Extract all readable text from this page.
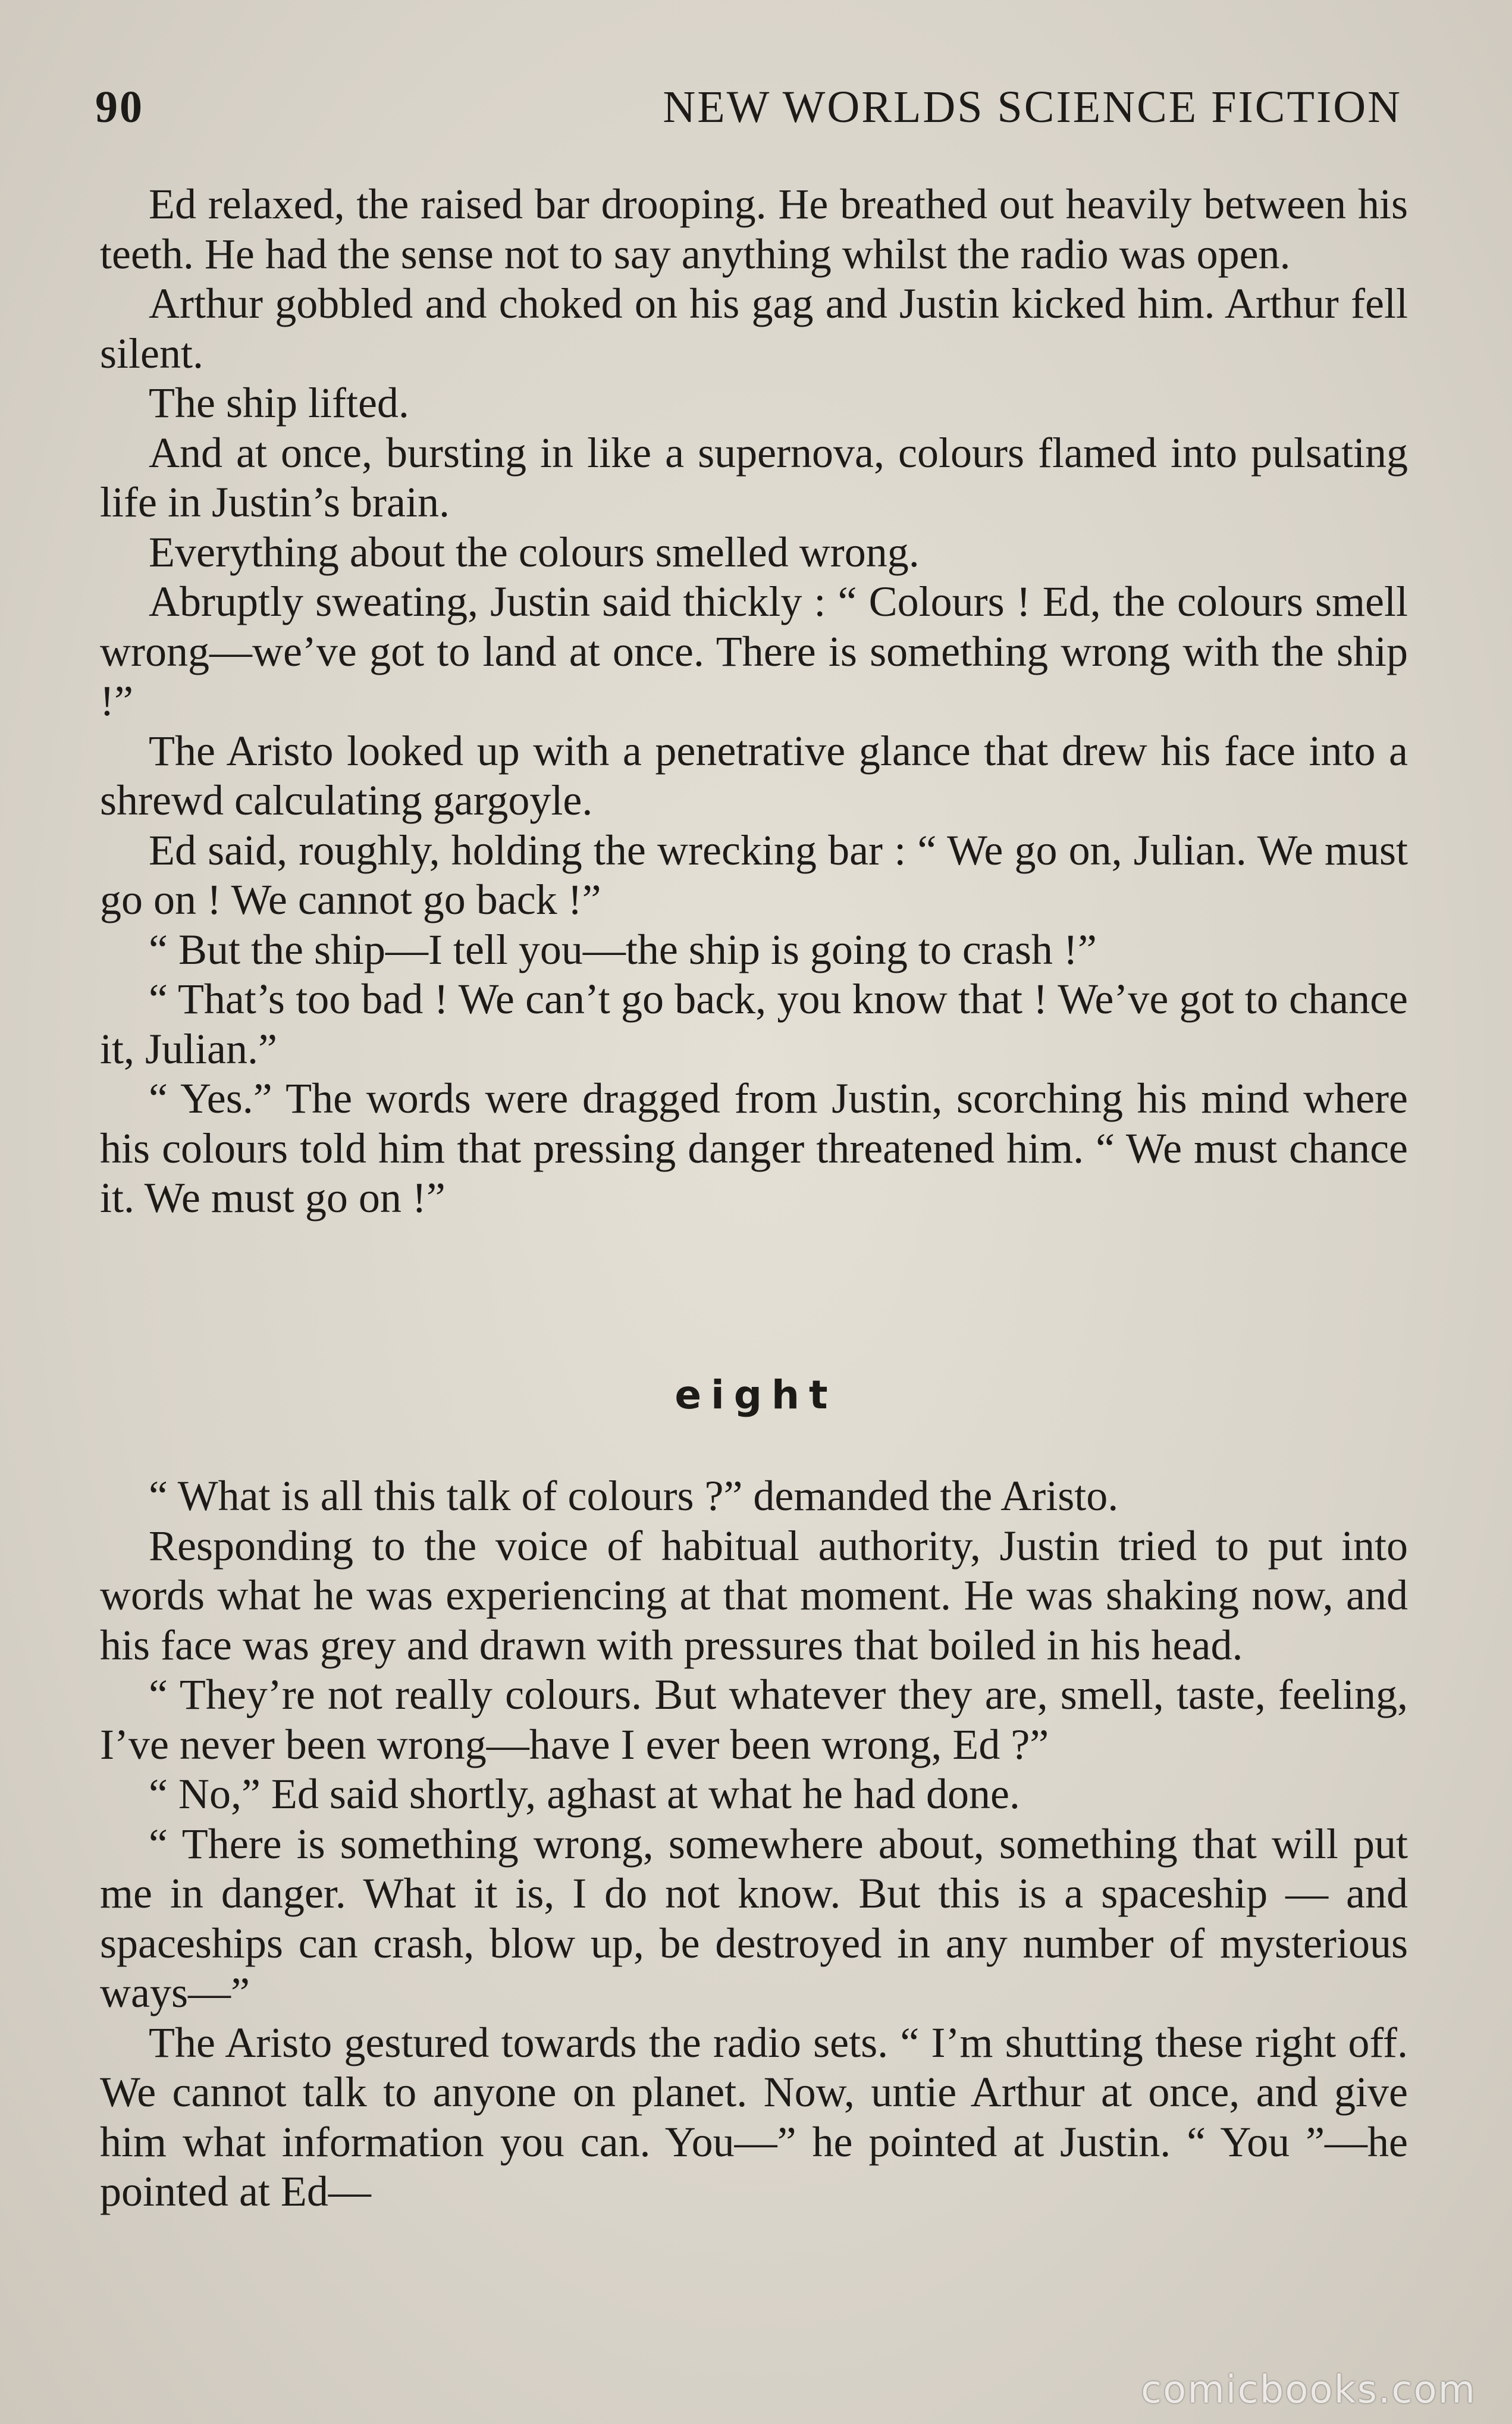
90	NEW WORLDS SCIENCE FICTION

Ed relaxed, the raised bar drooping. He breathed out heavily between his teeth. He had the sense not to say anything whilst the radio was open.

Arthur gobbled and choked on his gag and Justin kicked him. Arthur fell silent.

The ship lifted.

And at once, bursting in like a supernova, colours flamed into pulsating life in Justin’s brain.

Everything about the colours smelled wrong.

Abruptly sweating, Justin said thickly : “ Colours ! Ed, the colours smell wrong—we’ve got to land at once. There is something wrong with the ship !”

The Aristo looked up with a penetrative glance that drew his face into a shrewd calculating gargoyle.

Ed said, roughly, holding the wrecking bar : “ We go on, Julian. We must go on ! We cannot go back !”

“ But the ship—I tell you—the ship is going to crash !”

“ That’s too bad ! We can’t go back, you know that ! We’ve got to chance it, Julian.”

“ Yes.” The words were dragged from Justin, scorching his mind where his colours told him that pressing danger threatened him. “ We must chance it. We must go on !”

eight

“ What is all this talk of colours ?” demanded the Aristo.

Responding to the voice of habitual authority, Justin tried to put into words what he was experiencing at that moment. He was shaking now, and his face was grey and drawn with pressures that boiled in his head.

“ They’re not really colours. But whatever they are, smell, taste, feeling, I’ve never been wrong—have I ever been wrong, Ed ?”

“ No,” Ed said shortly, aghast at what he had done.

“ There is something wrong, somewhere about, something that will put me in danger. What it is, I do not know. But this is a spaceship — and spaceships can crash, blow up, be destroyed in any number of mysterious ways—”

The Aristo gestured towards the radio sets. “ I’m shutting these right off. We cannot talk to anyone on planet. Now, untie Arthur at once, and give him what information you can. You—” he pointed at Justin. “ You ”—he pointed at Ed—

comicbooks.com
